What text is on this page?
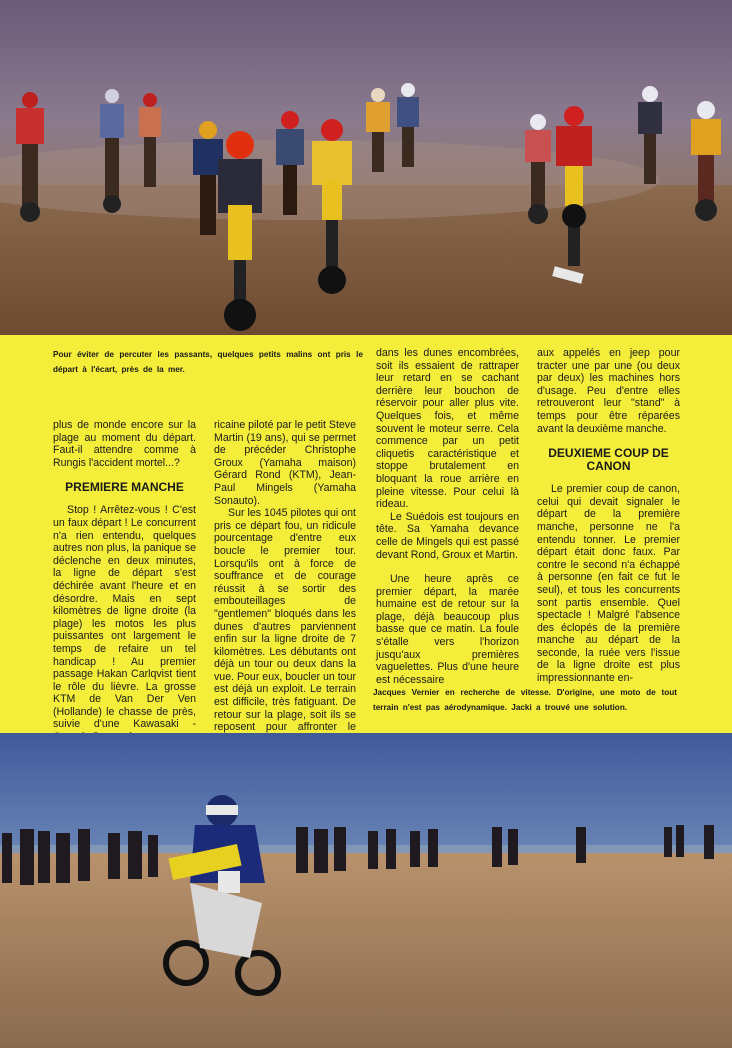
Pour éviter de percuter les passants, quelques petits malins ont pris le départ à l'écart, près de la mer.

plus de monde encore sur la plage au moment du départ. Faut-il attendre comme à Rungis l'accident mortel...?

PREMIERE MANCHE

Stop ! Arrêtez-vous ! C'est un faux départ ! Le concurrent n'a rien entendu, quelques autres non plus, la panique se déclenche en deux minutes, la ligne de départ s'est déchirée avant l'heure et en désordre. Mais en sept kilomètres de ligne droite (la plage) les motos les plus puissantes ont largement le temps de refaire un tel handicap ! Au premier passage Hakan Carlqvist tient le rôle du lièvre. La grosse KTM de Van Der Ven (Hollande) le chasse de près, suivie d'une Kawasaki -

ricaine piloté par le petit Steve Martin (19 ans), qui se permet de précéder Christophe Groux (Yamaha maison) Gérard Rond (KTM), Jean-Paul Mingels (Yamaha Sonauto).

Sur les 1045 pilotes qui ont pris ce départ fou, un ridicule pourcentage d'entre eux boucle le premier tour. Lorsqu'ils ont à force de souffrance et de courage réussit à se sortir des embouteillages de "gentlemen" bloqués dans les dunes d'autres parviennent enfin sur la ligne droite de 7 kilomètres. Les débutants ont déjà un tour ou deux dans la vue. Pour eux, boucler un tour est déjà un exploit. Le terrain est difficile, très fatiguant. De retour sur la plage, soit ils se reposent pour affronter le

dans les dunes encombrées, soit ils essaient de rattraper leur retard en se cachant derrière leur bouchon de réservoir pour aller plus vite. Quelques fois, et même souvent le moteur serre. Cela commence par un petit cliquetis caractéristique et stoppe brutalement en bloquant la roue arrière en pleine vitesse. Pour celui là rideau.

Le Suédois est toujours en tête. Sa Yamaha devance celle de Mingels qui est passé devant Rond, Groux et Martin.

Une heure après ce premier départ, la marée humaine est de retour sur la plage, déjà beaucoup plus basse que ce matin. La foule s'étalle vers l'horizon jusqu'aux premières vaguelettes. Plus d'une heure est nécessaire

aux appelés en jeep pour tracter une par une (ou deux par deux) les machines hors d'usage. Peu d'entre elles retrouveront leur "stand" à temps pour être réparées avant la deuxième manche.

DEUXIEME COUP DE CANON

Le premier coup de canon, celui qui devait signaler le départ de la première manche, personne ne l'a entendu tonner. Le premier départ était donc faux. Par contre le second n'a échappé à personne (en fait ce fut le seul), et tous les concurrents sont partis ensemble. Quel spectacle ! Malgré l'absence des éclopés de la première manche au départ de la seconde, la ruée vers l'issue de la ligne droite est plus impressionnante en-

Jacques Vernier en recherche de vitesse. D'origine, une moto de tout terrain n'est pas aérodynamique. Jacki a trouvé une solution.
